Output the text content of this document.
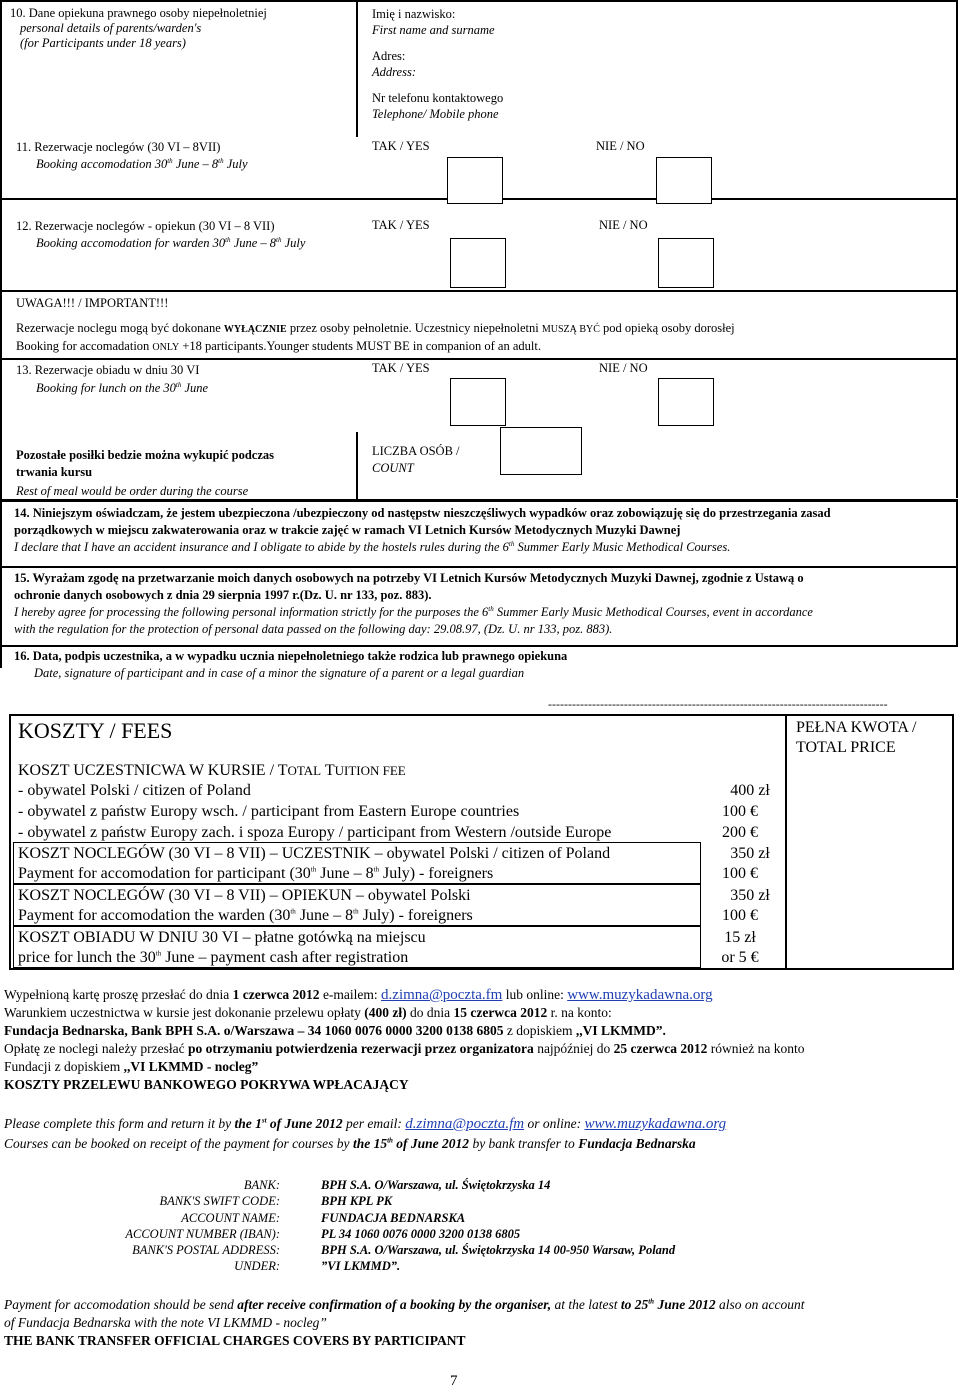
10. Dane opiekuna prawnego osoby niepełnoletniej
personal details of parents/warden's
(for Participants under 18 years)
Imię i nazwisko:
First name and surname
Adres:
Address:
Nr telefonu kontaktowego
Telephone/ Mobile phone
11. Rezerwacje noclegów (30 VI – 8VII)
Booking accomodation 30th June – 8th July
TAK / YES	NIE / NO
12. Rezerwacje noclegów - opiekun (30 VI – 8 VII)
Booking accomodation for warden 30th June – 8th July
TAK / YES	NIE / NO
UWAGA!!! / IMPORTANT!!!
Rezerwacje noclegu mogą być dokonane WYŁĄCZNIE przez osoby pełnoletnie. Uczestnicy niepełnoletni MUSZĄ BYĆ pod opieką osoby dorosłej
Booking for accomadation ONLY +18 participants.Younger students MUST BE in companion of an adult.
13. Rezerwacje obiadu w dniu 30 VI
Booking for lunch on the 30th June
TAK / YES	NIE / NO
Pozostałe posiłki bedzie można wykupić podczas
trwania kursu
Rest of meal would be order during the course
LICZBA OSÓB /
COUNT
14. Niniejszym oświadczam, że jestem ubezpieczona /ubezpieczony od następstw nieszczęśliwych wypadków oraz zobowiązuję się do przestrzegania zasad
porządkowych w miejscu zakwaterowania oraz w trakcie zajęć w ramach VI Letnich Kursów Metodycznych Muzyki Dawnej
I declare that I have an accident insurance and I obligate to abide by the hostels rules during the 6th Summer Early Music Methodical Courses.
15. Wyrażam zgodę na przetwarzanie moich danych osobowych na potrzeby VI Letnich Kursów Metodycznych Muzyki Dawnej, zgodnie z Ustawą o
ochronie danych osobowych z dnia 29 sierpnia 1997 r.(Dz. U. nr 133, poz. 883).
I hereby agree for processing the following personal information strictly for the purposes the 6th Summer Early Music Methodical Courses, event in accordance
with the regulation for the protection of personal data passed on the following day: 29.08.97, (Dz. U. nr 133, poz. 883).
16. Data, podpis uczestnika, a w wypadku ucznia niepełnoletniego także rodzica lub prawnego opiekuna
Date, signature of participant and in case of a minor the signature of a parent or a legal guardian
-------------------------------------------------------------------------------------
KOSZTY / FEES	PEŁNA KWOTA /
TOTAL PRICE
KOSZT UCZESTNICWA W KURSIE / TOTAL TUITION FEE
- obywatel Polski / citizen of Poland	400 zł
- obywatel z państw Europy wsch. / participant from Eastern Europe countries	100 €
- obywatel z państw Europy zach. i spoza Europy / participant from Western /outside Europe	200 €
KOSZT NOCLEGÓW (30 VI – 8 VII) – UCZESTNIK – obywatel Polski / citizen of Poland	350 zł
Payment for accomodation for participant (30th June – 8th July) - foreigners	100 €
KOSZT NOCLEGÓW (30 VI – 8 VII) – OPIEKUN – obywatel Polski	350 zł
Payment for accomodation the warden (30th June – 8th July) - foreigners	100 €
KOSZT OBIADU W DNIU 30 VI – płatne gotówką na miejscu	15 zł
price for lunch the 30th June – payment cash after registration	or 5 €
Wypełnioną kartę proszę przesłać do dnia 1 czerwca 2012 e-mailem: d.zimna@poczta.fm lub online: www.muzykadawna.org
Warunkiem uczestnictwa w kursie jest dokonanie przelewu opłaty (400 zł) do dnia 15 czerwca 2012 r. na konto:
Fundacja Bednarska, Bank BPH S.A. o/Warszawa – 34 1060 0076 0000 3200 0138 6805 z dopiskiem ,,VI LKMMD”.
Opłatę ze noclegi należy przesłać po otrzymaniu potwierdzenia rezerwacji przez organizatora najpóźniej do 25 czerwca 2012 również na konto
Fundacji z dopiskiem ,,VI LKMMD - nocleg”
KOSZTY PRZELEWU BANKOWEGO POKRYWA WPŁACAJĄCY
Please complete this form and return it by the 1st of June 2012 per email: d.zimna@poczta.fm or online: www.muzykadawna.org
Courses can be booked on receipt of the payment for courses by the 15th of June 2012 by bank transfer to Fundacja Bednarska
BANK:	BPH S.A. O/Warszawa, ul. Świętokrzyska 14
BANK'S SWIFT CODE:	BPH KPL PK
ACCOUNT NAME:	FUNDACJA BEDNARSKA
ACCOUNT NUMBER (IBAN):	PL 34 1060 0076 0000 3200 0138 6805
BANK'S POSTAL ADDRESS:	BPH S.A. O/Warszawa, ul. Świętokrzyska 14 00-950 Warsaw, Poland
UNDER:	”VI LKMMD”.
Payment for accomodation should be send after receive confirmation of a booking by the organiser, at the latest to 25th June 2012 also on account
of Fundacja Bednarska with the note VI LKMMD - nocleg”
THE BANK TRANSFER OFFICIAL CHARGES COVERS BY PARTICIPANT
7
